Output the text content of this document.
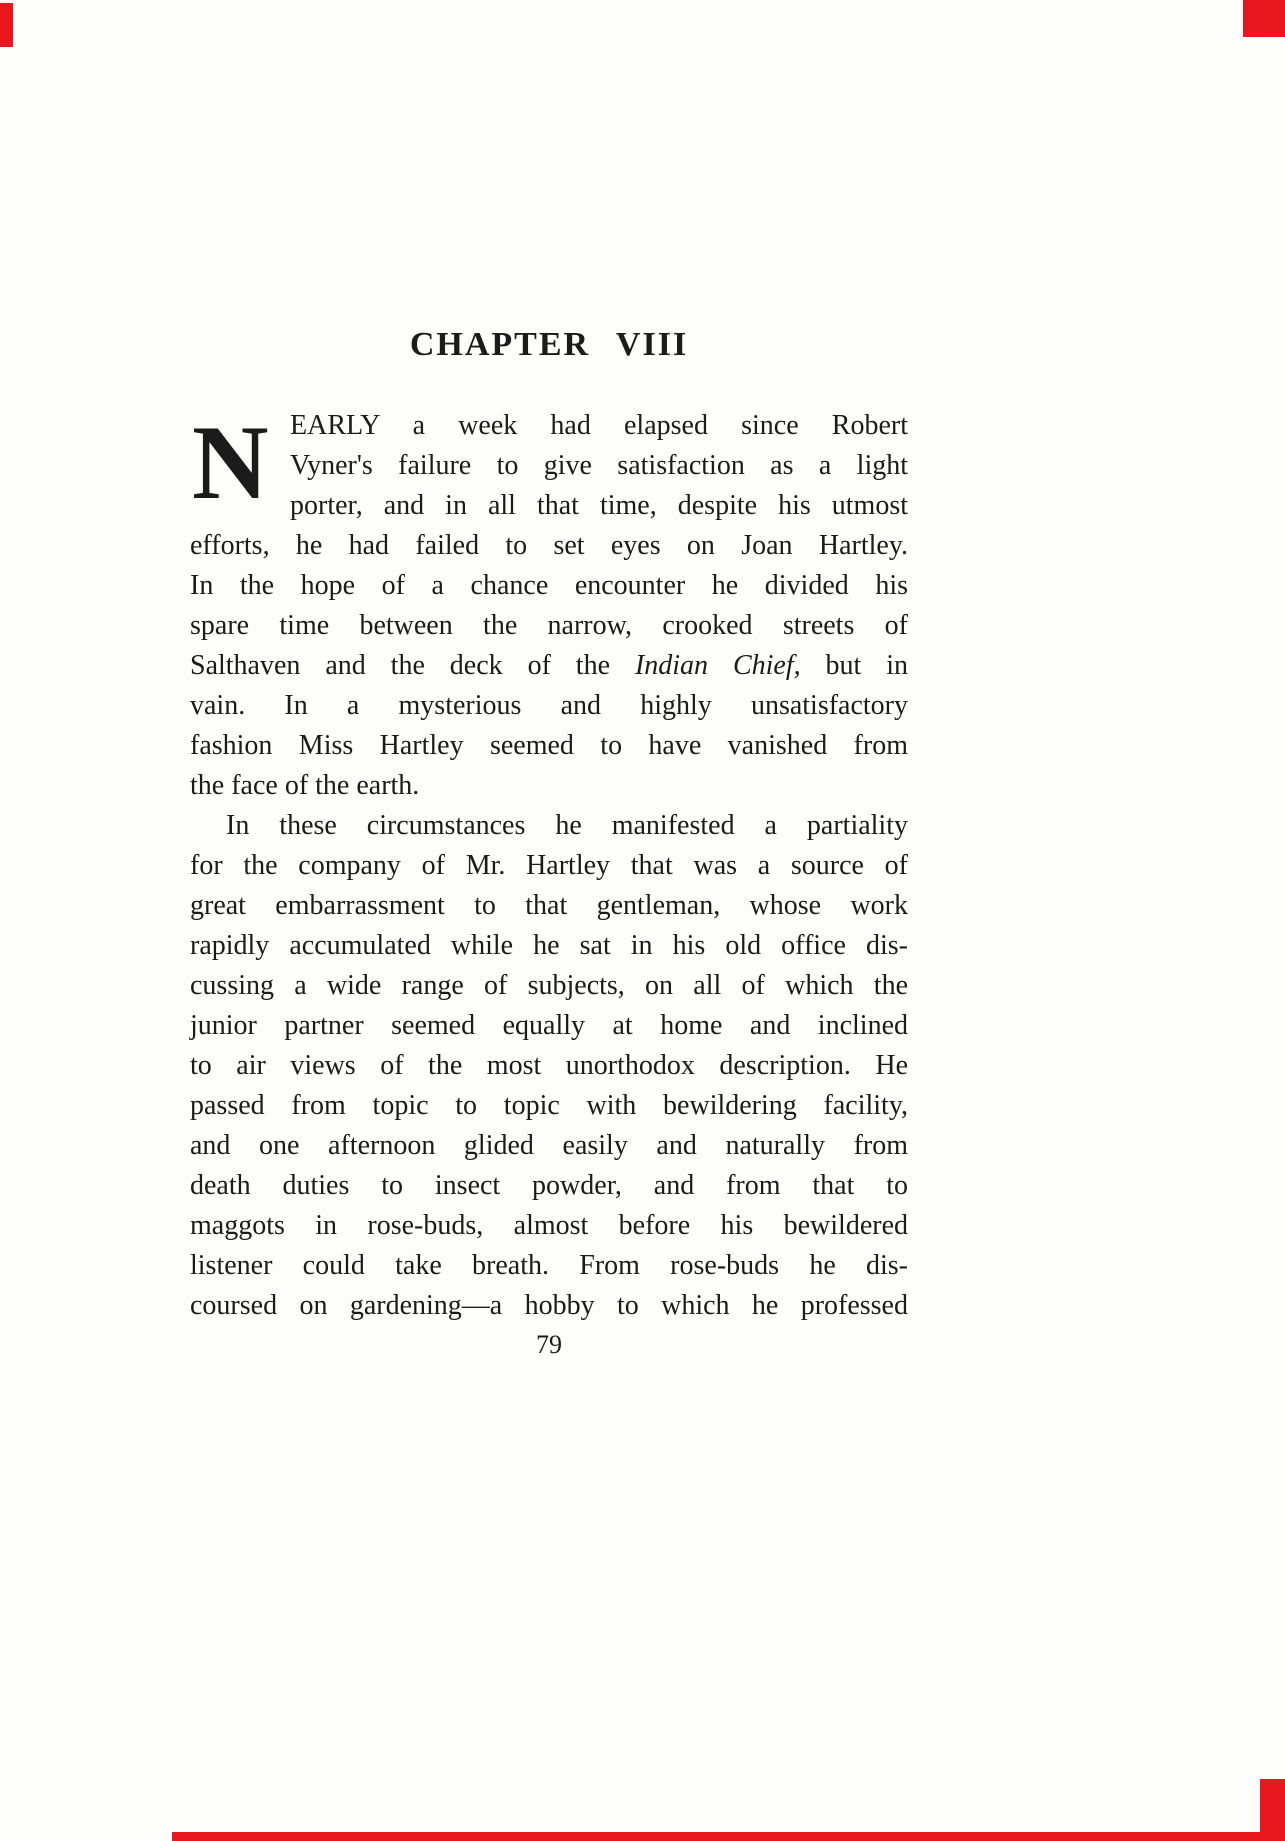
CHAPTER VIII
N EARLY a week had elapsed since Robert
Vyner's failure to give satisfaction as a light
porter, and in all that time, despite his utmost
efforts, he had failed to set eyes on Joan Hartley.
In the hope of a chance encounter he divided his
spare time between the narrow, crooked streets of
Salthaven and the deck of the Indian Chief, but in
vain. In a mysterious and highly unsatisfactory
fashion Miss Hartley seemed to have vanished from
the face of the earth.
In these circumstances he manifested a partiality
for the company of Mr. Hartley that was a source of
great embarrassment to that gentleman, whose work
rapidly accumulated while he sat in his old office dis-
cussing a wide range of subjects, on all of which the
junior partner seemed equally at home and inclined
to air views of the most unorthodox description. He
passed from topic to topic with bewildering facility,
and one afternoon glided easily and naturally from
death duties to insect powder, and from that to
maggots in rose-buds, almost before his bewildered
listener could take breath. From rose-buds he dis-
coursed on gardening—a hobby to which he professed
79
